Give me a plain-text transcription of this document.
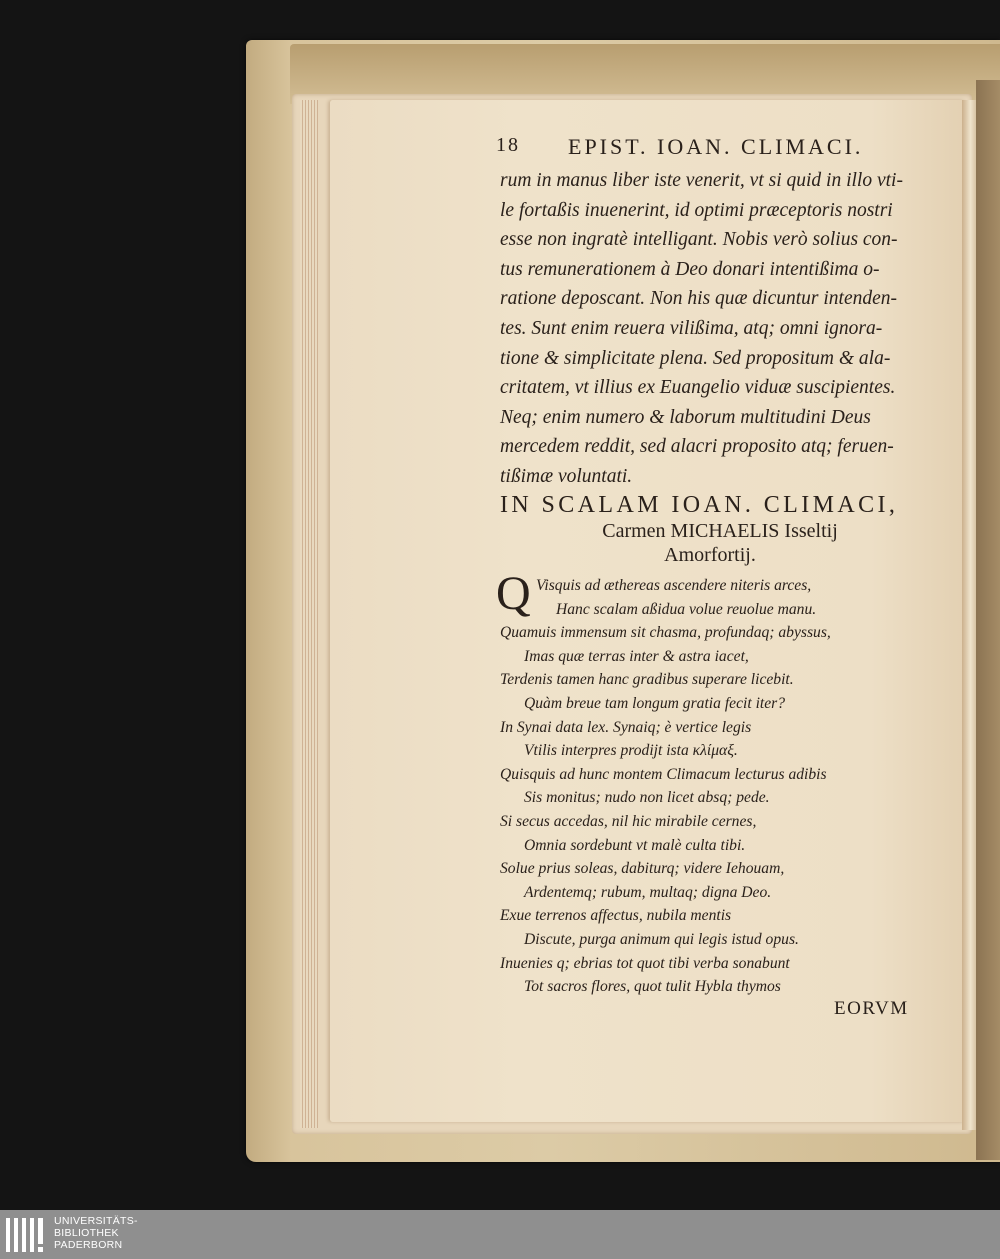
18 EPIST. IOAN. CLIMACI.
rum in manus liber iste venerit, vt si quid in illo vti-
le fortaßis inuenerint, id optimi præceptoris nostri
esse non ingratè intelligant. Nobis verò solius con-
tus remunerationem à Deo donari intentißima o-
ratione deposcant. Non his quæ dicuntur intenden-
tes. Sunt enim reuera vilißima, atq; omni ignora-
tione & simplicitate plena. Sed propositum & ala-
critatem, vt illius ex Euangelio viduæ suscipientes.
Neq; enim numero & laborum multitudini Deus
mercedem reddit, sed alacri proposito atq; feruen-
tißimæ voluntati.
IN SCALAM IOAN. CLIMACI,
Carmen MICHAELIS Isseltij
Amorfortij.
Q Visquis ad æthereas ascendere niteris arces,
Hanc scalam aßidua volue reuolue manu.
Quamuis immensum sit chasma, profundaq; abyssus,
Imas quæ terras inter & astra iacet,
Terdenis tamen hanc gradibus superare licebit.
Quàm breue tam longum gratia fecit iter?
In Synai data lex. Synaiq; è vertice legis
Vtilis interpres prodijt ista κλίμαξ.
Quisquis ad hunc montem Climacum lecturus adibis
Sis monitus; nudo non licet absq; pede.
Si secus accedas, nil hic mirabile cernes,
Omnia sordebunt vt malè culta tibi.
Solue prius soleas, dabiturq; videre Iehouam,
Ardentemq; rubum, multaq; digna Deo.
Exue terrenos affectus, nubila mentis
Discute, purga animum qui legis istud opus.
Inuenies q; ebrias tot quot tibi verba sonabunt
Tot sacros flores, quot tulit Hybla thymos
EORVM
UNIVERSITÄTS-
BIBLIOTHEK
PADERBORN
